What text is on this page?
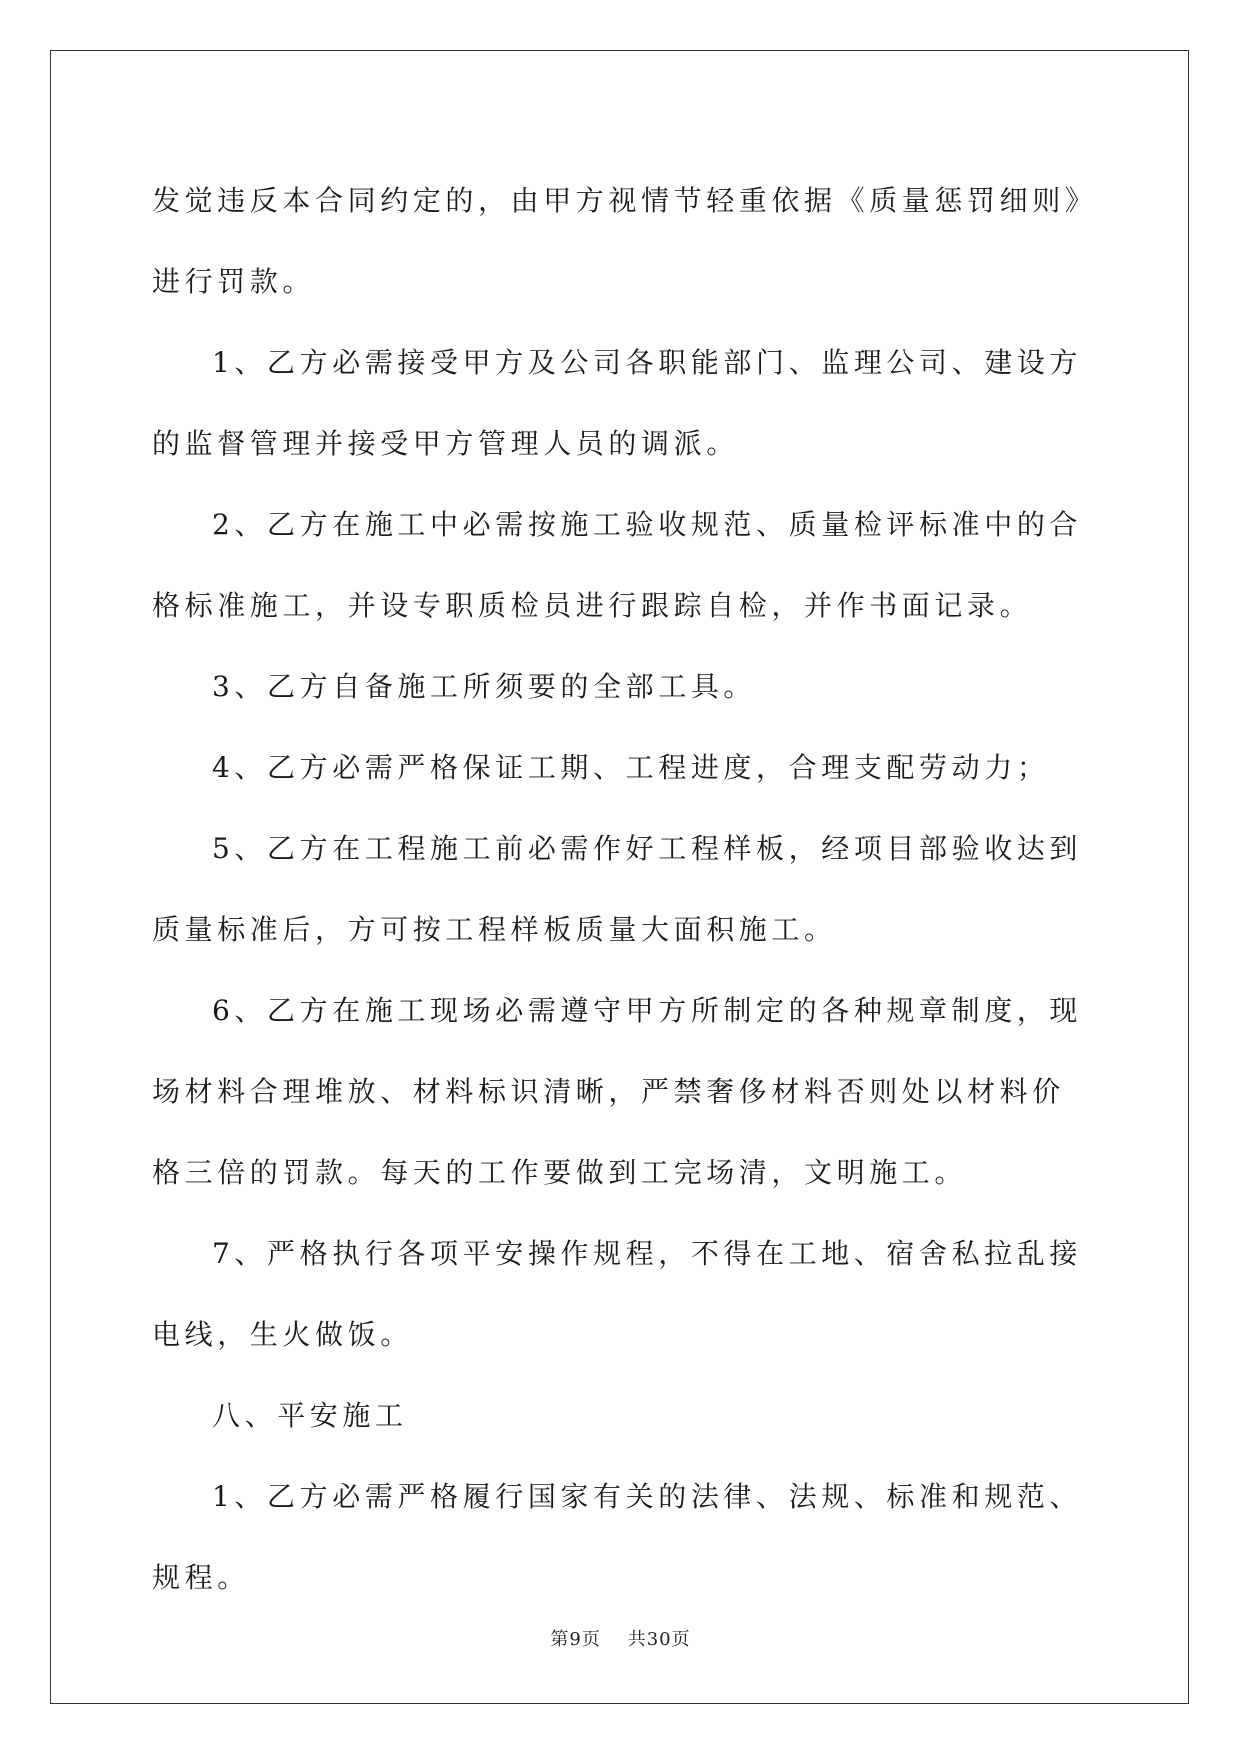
发觉违反本合同约定的，由甲方视情节轻重依据《质量惩罚细则》进行罚款。

1、乙方必需接受甲方及公司各职能部门、监理公司、建设方的监督管理并接受甲方管理人员的调派。

2、乙方在施工中必需按施工验收规范、质量检评标准中的合格标准施工，并设专职质检员进行跟踪自检，并作书面记录。

3、乙方自备施工所须要的全部工具。

4、乙方必需严格保证工期、工程进度，合理支配劳动力；

5、乙方在工程施工前必需作好工程样板，经项目部验收达到质量标准后，方可按工程样板质量大面积施工。

6、乙方在施工现场必需遵守甲方所制定的各种规章制度，现场材料合理堆放、材料标识清晰，严禁奢侈材料否则处以材料价格三倍的罚款。每天的工作要做到工完场清，文明施工。

7、严格执行各项平安操作规程，不得在工地、宿舍私拉乱接电线，生火做饭。

八、平安施工

1、乙方必需严格履行国家有关的法律、法规、标准和规范、规程。

第9页 共30页
